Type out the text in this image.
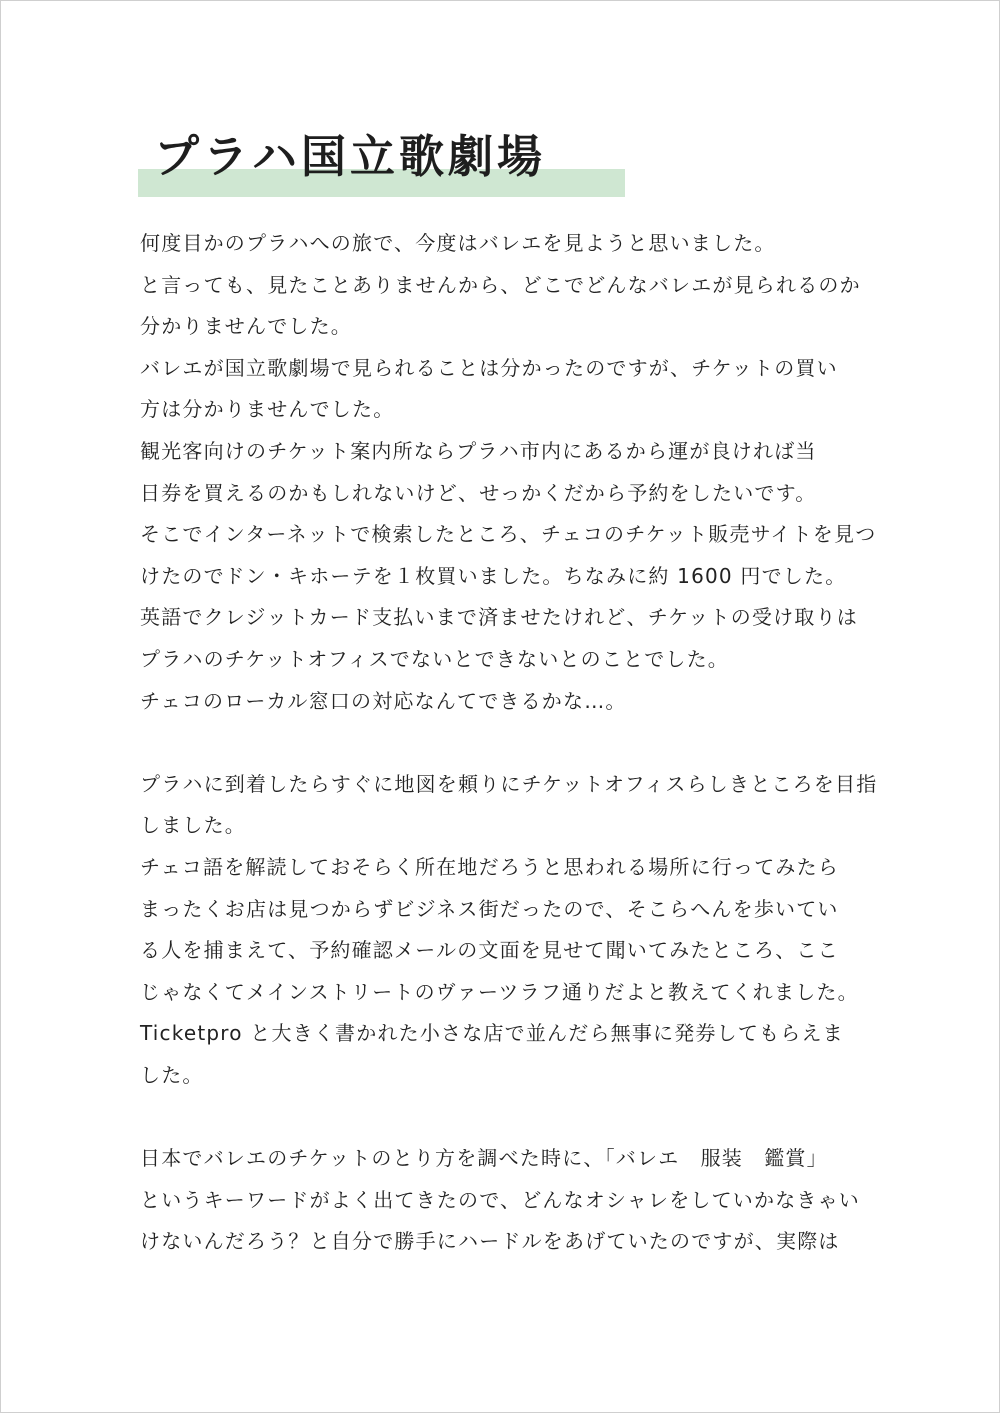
プラハ国立歌劇場
何度目かのプラハへの旅で、今度はバレエを見ようと思いました。
と言っても、見たことありませんから、どこでどんなバレエが見られるのか
分かりませんでした。
バレエが国立歌劇場で見られることは分かったのですが、チケットの買い
方は分かりませんでした。
観光客向けのチケット案内所ならプラハ市内にあるから運が良ければ当
日券を買えるのかもしれないけど、せっかくだから予約をしたいです。
そこでインターネットで検索したところ、チェコのチケット販売サイトを見つ
けたのでドン・キホーテを１枚買いました。ちなみに約 1600 円でした。
英語でクレジットカード支払いまで済ませたけれど、チケットの受け取りは
プラハのチケットオフィスでないとできないとのことでした。
チェコのローカル窓口の対応なんてできるかな…。
プラハに到着したらすぐに地図を頼りにチケットオフィスらしきところを目指
しました。
チェコ語を解読しておそらく所在地だろうと思われる場所に行ってみたら
まったくお店は見つからずビジネス街だったので、そこらへんを歩いてい
る人を捕まえて、予約確認メールの文面を見せて聞いてみたところ、ここ
じゃなくてメインストリートのヴァーツラフ通りだよと教えてくれました。
Ticketpro と大きく書かれた小さな店で並んだら無事に発券してもらえま
した。
日本でバレエのチケットのとり方を調べた時に、「バレエ　服装　鑑賞」
というキーワードがよく出てきたので、どんなオシャレをしていかなきゃい
けないんだろう？と自分で勝手にハードルをあげていたのですが、実際は
